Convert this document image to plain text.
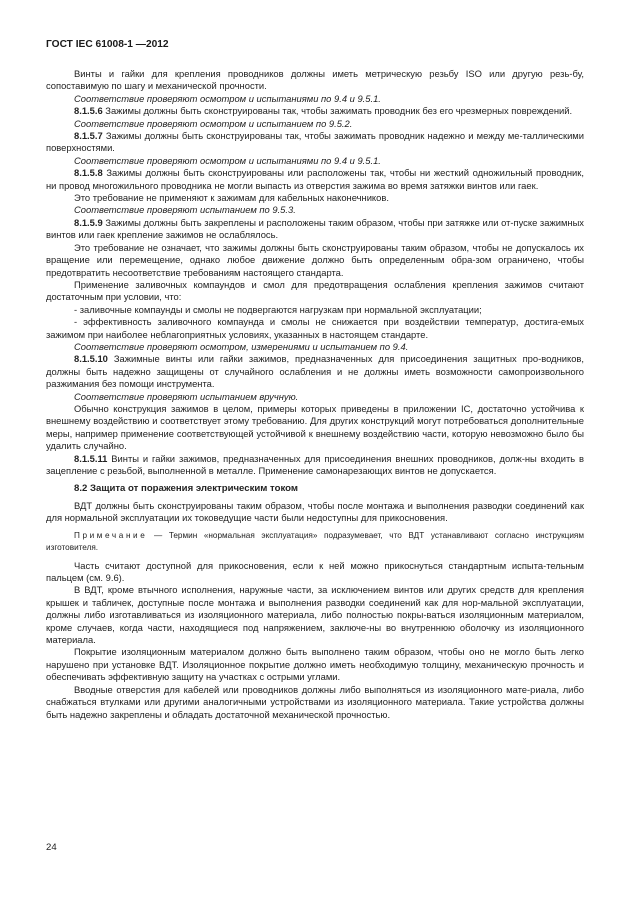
ГОСТ IEC 61008-1 —2012

Винты и гайки для крепления проводников должны иметь метрическую резьбу ISO или другую резь-бу, сопоставимую по шагу и механической прочности.

Соответствие проверяют осмотром и испытаниями по 9.4 и 9.5.1.

8.1.5.6 Зажимы должны быть сконструированы так, чтобы зажимать проводник без его чрезмерных повреждений.

Соответствие проверяют осмотром и испытанием по 9.5.2.

8.1.5.7 Зажимы должны быть сконструированы так, чтобы зажимать проводник надежно и между ме-таллическими поверхностями.

Соответствие проверяют осмотром и испытаниями по 9.4 и 9.5.1.

8.1.5.8 Зажимы должны быть сконструированы или расположены так, чтобы ни жесткий одножильный проводник, ни провод многожильного проводника не могли выпасть из отверстия зажима во время затяжки винтов или гаек.

Это требование не применяют к зажимам для кабельных наконечников.

Соответствие проверяют испытанием по 9.5.3.

8.1.5.9 Зажимы должны быть закреплены и расположены таким образом, чтобы при затяжке или от-пуске зажимных винтов или гаек крепление зажимов не ослаблялось.

Это требование не означает, что зажимы должны быть сконструированы таким образом, чтобы не допускалось их вращение или перемещение, однако любое движение должно быть определенным обра-зом ограничено, чтобы предотвратить несоответствие требованиям настоящего стандарта.

Применение заливочных компаундов и смол для предотвращения ослабления крепления зажимов считают достаточным при условии, что:

- заливочные компаунды и смолы не подвергаются нагрузкам при нормальной эксплуатации;

- эффективность заливочного компаунда и смолы не снижается при воздействии температур, достига-емых зажимом при наиболее неблагоприятных условиях, указанных в настоящем стандарте.

Соответствие проверяют осмотром, измерениями и испытанием по 9.4.

8.1.5.10 Зажимные винты или гайки зажимов, предназначенных для присоединения защитных про-водников, должны быть надежно защищены от случайного ослабления и не должны иметь возможности самопроизвольного разжимания без помощи инструмента.

Соответствие проверяют испытанием вручную.

Обычно конструкция зажимов в целом, примеры которых приведены в приложении IC, достаточно устойчива к внешнему воздействию и соответствует этому требованию. Для других конструкций могут потребоваться дополнительные меры, например применение соответствующей устойчивой к внешнему воздействию части, которую невозможно было бы удалить случайно.

8.1.5.11 Винты и гайки зажимов, предназначенных для присоединения внешних проводников, долж-ны входить в зацепление с резьбой, выполненной в металле. Применение самонарезающих винтов не допускается.

8.2 Защита от поражения электрическим током

ВДТ должны быть сконструированы таким образом, чтобы после монтажа и выполнения разводки соединений как для нормальной эксплуатации их токоведущие части были недоступны для прикосновения.

Примечание — Термин «нормальная эксплуатация» подразумевает, что ВДТ устанавливают согласно инструкциям изготовителя.

Часть считают доступной для прикосновения, если к ней можно прикоснуться стандартным испыта-тельным пальцем (см. 9.6).

В ВДТ, кроме втычного исполнения, наружные части, за исключением винтов или других средств для крепления крышек и табличек, доступные после монтажа и выполнения разводки соединений как для нор-мальной эксплуатации, должны либо изготавливаться из изоляционного материала, либо полностью покры-ваться изоляционным материалом, кроме случаев, когда части, находящиеся под напряжением, заключе-ны во внутреннюю оболочку из изоляционного материала.

Покрытие изоляционным материалом должно быть выполнено таким образом, чтобы оно не могло быть легко нарушено при установке ВДТ. Изоляционное покрытие должно иметь необходимую толщину, механическую прочность и обеспечивать эффективную защиту на участках с острыми углами.

Вводные отверстия для кабелей или проводников должны либо выполняться из изоляционного мате-риала, либо снабжаться втулками или другими аналогичными устройствами из изоляционного материала. Такие устройства должны быть надежно закреплены и обладать достаточной механической прочностью.

24
